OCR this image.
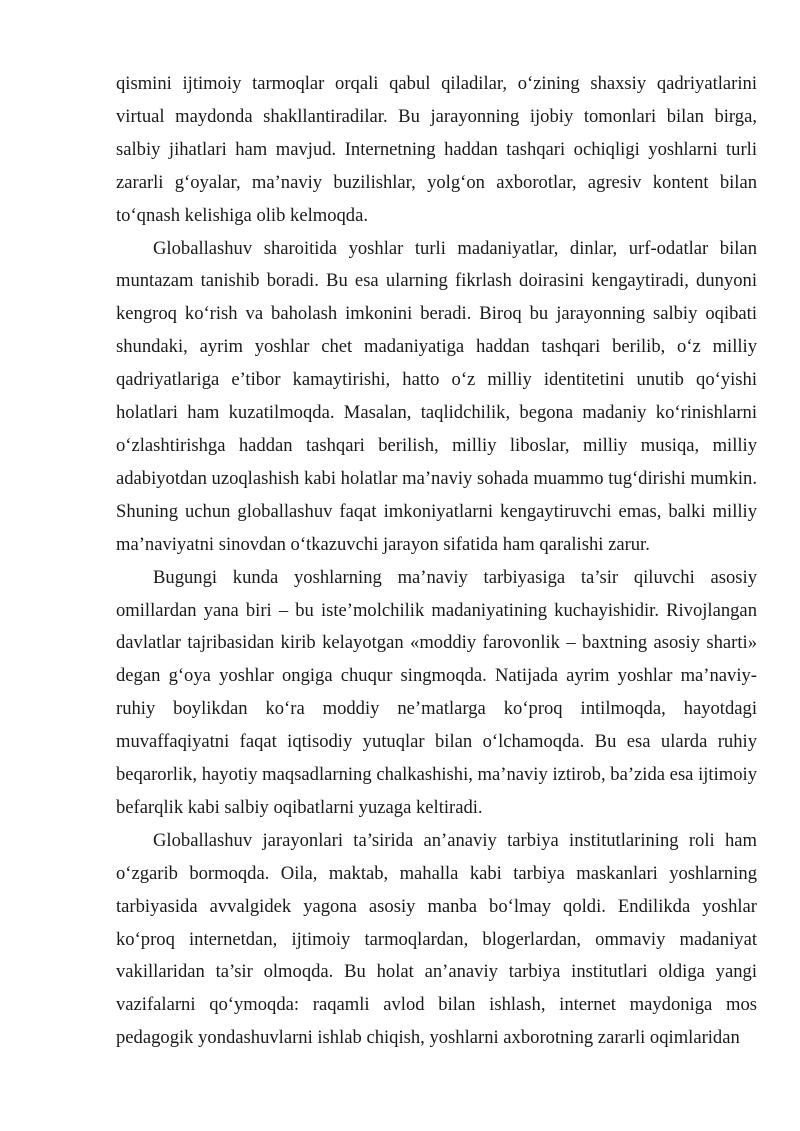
qismini ijtimoiy tarmoqlar orqali qabul qiladilar, o‘zining shaxsiy qadriyatlarini virtual maydonda shakllantiradilar. Bu jarayonning ijobiy tomonlari bilan birga, salbiy jihatlari ham mavjud. Internetning haddan tashqari ochiqligi yoshlarni turli zararli g‘oyalar, ma’naviy buzilishlar, yolg‘on axborotlar, agresiv kontent bilan to‘qnash kelishiga olib kelmoqda.

Globallashuv sharoitida yoshlar turli madaniyatlar, dinlar, urf-odatlar bilan muntazam tanishib boradi. Bu esa ularning fikrlash doirasini kengaytiradi, dunyoni kengroq ko‘rish va baholash imkonini beradi. Biroq bu jarayonning salbiy oqibati shundaki, ayrim yoshlar chet madaniyatiga haddan tashqari berilib, o‘z milliy qadriyatlariga e’tibor kamaytirishi, hatto o‘z milliy identitetini unutib qo‘yishi holatlari ham kuzatilmoqda. Masalan, taqlidchilik, begona madaniy ko‘rinishlarni o‘zlashtirishga haddan tashqari berilish, milliy liboslar, milliy musiqa, milliy adabiyotdan uzoqlashish kabi holatlar ma’naviy sohada muammo tug‘dirishi mumkin. Shuning uchun globallashuv faqat imkoniyatlarni kengaytiruvchi emas, balki milliy ma’naviyatni sinovdan o‘tkazuvchi jarayon sifatida ham qaralishi zarur.

Bugungi kunda yoshlarning ma’naviy tarbiyasiga ta’sir qiluvchi asosiy omillardan yana biri – bu iste’molchilik madaniyatining kuchayishidir. Rivojlangan davlatlar tajribasidan kirib kelayotgan «moddiy farovonlik – baxtning asosiy sharti» degan g‘oya yoshlar ongiga chuqur singmoqda. Natijada ayrim yoshlar ma’naviy-ruhiy boylikdan ko‘ra moddiy ne’matlarga ko‘proq intilmoqda, hayotdagi muvaffaqiyatni faqat iqtisodiy yutuqlar bilan o‘lchamoqda. Bu esa ularda ruhiy beqarorlik, hayotiy maqsadlarning chalkashishi, ma’naviy iztirob, ba’zida esa ijtimoiy befarqlik kabi salbiy oqibatlarni yuzaga keltiradi.

Globallashuv jarayonlari ta’sirida an’anaviy tarbiya institutlarining roli ham o‘zgarib bormoqda. Oila, maktab, mahalla kabi tarbiya maskanlari yoshlarning tarbiyasida avvalgidek yagona asosiy manba bo‘lmay qoldi. Endilikda yoshlar ko‘proq internetdan, ijtimoiy tarmoqlardan, blogerlardan, ommaviy madaniyat vakillaridan ta’sir olmoqda. Bu holat an’anaviy tarbiya institutlari oldiga yangi vazifalarni qo‘ymoqda: raqamli avlod bilan ishlash, internet maydoniga mos pedagogik yondashuvlarni ishlab chiqish, yoshlarni axborotning zararli oqimlaridan
